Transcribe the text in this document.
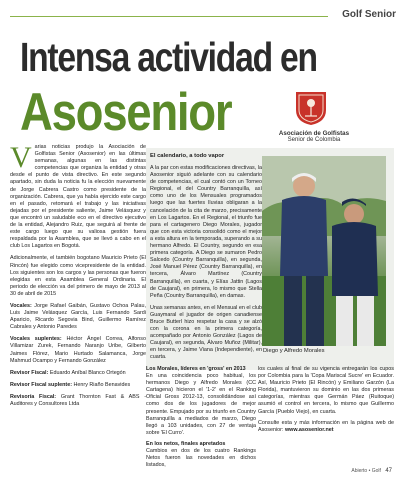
Golf Senior
Intensa actividad en
Asosenior	Asociación de Golfistas
Senior de Colombia

V arias noticias produjo la Asociación de Golfistas Senior (Asosenior) en las últimas semanas, algunas en las distintas competencias que organiza la entidad y otras desde el punto de vista directivo. En este segundo apartado, sin duda la noticia fu la elección nuevamente de Jorge Cabrera Castro como presidente de la organización. Cabrera, que ya había ejercido este cargo en el pasado, retomará el trabajo y las iniciativas dejadas por el presidente saliente, Jaime Velásquez y que encontró un saludable eco en el directivo ejecutivo de la entidad, Alejandro Ruiz, que seguirá al frente de este cargo luego que su valiosa gestión fuera respaldada por la Asamblea, que se llevó a cabo en el club Los Lagartos en Bogotá.

Adicionalmente, el también bogotano Mauricio Prieto (El Rincón) fue elegido como vicepresidente de la entidad. Los siguientes son los cargos y las personas que fueron elegidas en esta Asamblea General Ordinaria. El periodo de elección va del primero de mayo de 2013 al 30 de abril de 2015

Vocales: Jorge Rafael Gaibán, Gustavo Ochoa Palau, Luis Jaime Velásquez García, Luis Fernando Sardi Aparicio, Ricardo Segovia Bind, Guillermo Ramírez Cabrales y Antonio Paredes

Vocales suplentes: Héctor Ángel Correa, Alfonso Villamizar Zurek, Fernando Naranjo Uribe, Gilberto Jaimes Flórez, Mario Hurtado Salamanca, Jorge Mahmud Ocampo y Fernando González

Revisor Fiscal: Eduardo Aníbal Blanco Ortegón

Revisor Fiscal suplente: Henry Riaño Benavides

Revisoría Fiscal: Grant Thornton Fast & ABS - Auditores y Consultores Ltda

El calendario, a todo vapor

A la par con estas modificaciones directivas, la Asosenior siguió adelante con su calendario de competencias, el cual contó con un Torneo Regional, el del Country Barranquilla, así como uno de los Mensuales programados luego que las fuertes lluvias obligaran a la cancelación de la cita de marzo, precisamente en Los Lagartos. En el Regional, el triunfo fue para el cartagenero Diego Morales, jugador que con esta victoria consolidó como el mejor a esta altura en la temporada, superando a su hermano Alfredo. El Country, segundo en esa primera categoría. A Diego se sumaron Pedro Salcedo (Country Barranquilla), en segunda, José Manuel Pérez (Country Barranquilla), en tercera, Álvaro Martínez (Country Barranquilla), en cuarta, y Elías Jattin (Lagos de Caujaral), en primera, lo mismo que Stella Peña (Country Barranquilla), en damas.

Unas semanas antes, en el Mensual en el club Guaymaral el jugador de origen canadiense Bruce Butterl hizo respetar la casa y se alzó con la corona en la primera categoría, acompañado por Antonio González (Lagos de Caujaral), en segunda, Álvaro Muñoz (Militar), en tercera, y Jaime Viana (Independiente), en cuarta.

Diego y Alfredo Morales

Los Morales, líderes en 'gross' en 2013

En una coincidencia poco habitual, los hermanos Diego y Alfredo Morales (CC Cartagena) hicieron el '1-2' en el Ranking Oficial Gross 2012-13, consolidándose así como dos de los jugadores de mejor presente. Empujado por su triunfo en Country Barranquilla a mediados de marzo, Diego llegó a 103 unidades, con 27 de ventaja sobre 'El Curro'.

En los netos, finales apretados

Cambios en dos de los cuatro Rankings Netos fueron las novedades en dichos listados,

los cuales al final de su vigencia entregarán los cupos por Colombia para la 'Copa Mariscal Sucre' en Ecuador. Así, Mauricio Prieto (El Rincón) y Emiliano Garzón (La Florida), mantuvieron su dominio en las dos primeras categorías, mientras que Germán Páez (Ruitoque) asumió el control en tercera, lo mismo que Guillermo García (Pueblo Viejo), en cuarta.

Consulte esta y más información en la página web de Asosenior: www.asosenior.net

Abierto • Golf 47
